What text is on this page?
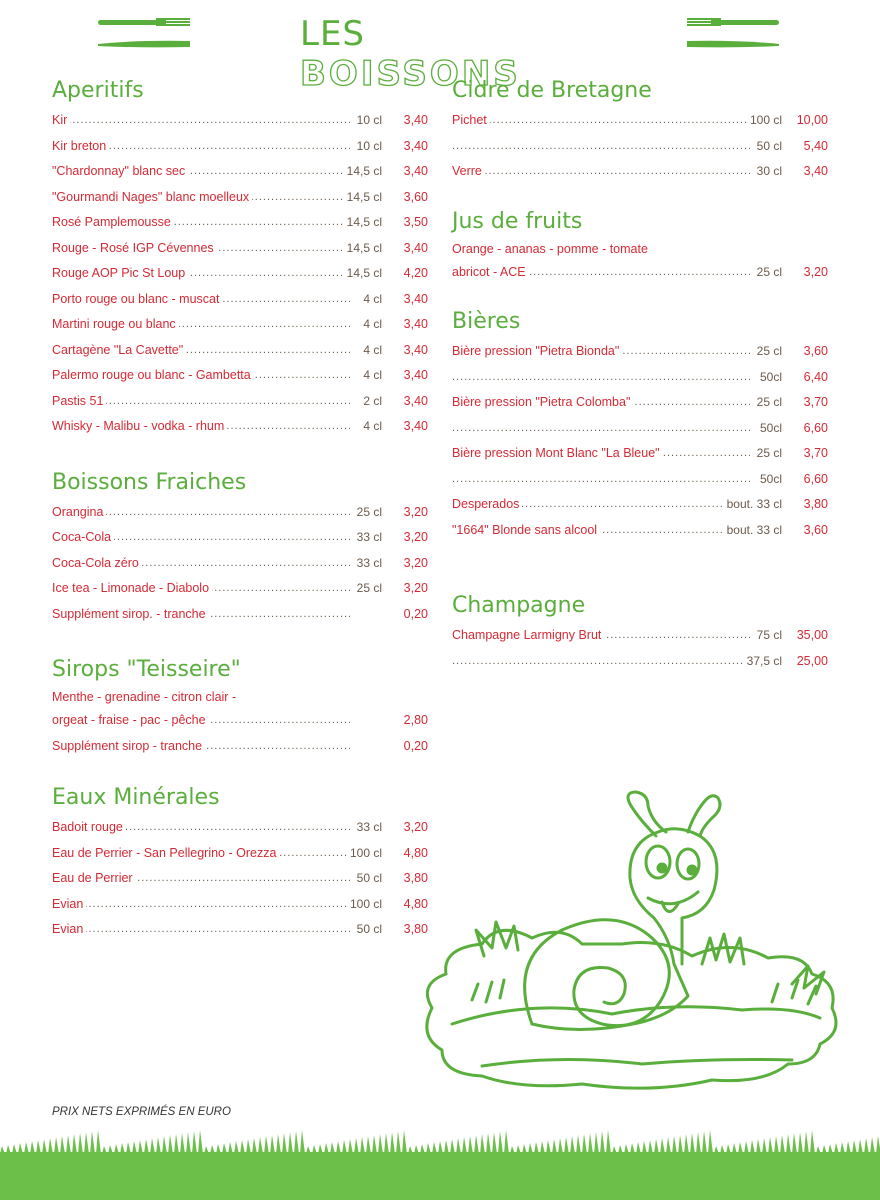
LES BOISSONS
Aperitifs
.....
Kir	10 cl	3,40
.....
Kir breton	10 cl	3,40
.....
"Chardonnay" blanc sec	14,5 cl	3,40
.....
"Gourmandi Nages" blanc moelleux	14,5 cl	3,60
.....
Rosé Pamplemousse	14,5 cl	3,50
.....
Rouge - Rosé IGP Cévennes	14,5 cl	3,40
.....
Rouge AOP Pic St Loup	14,5 cl	4,20
.....
Porto rouge ou blanc - muscat	4 cl	3,40
.....
Martini rouge ou blanc	4 cl	3,40
.....
Cartagène "La Cavette"	4 cl	3,40
.....
Palermo rouge ou blanc - Gambetta	4 cl	3,40
.....
Pastis 51	2 cl	3,40
.....
Whisky - Malibu - vodka - rhum	4 cl	3,40
Boissons Fraiches
.....
Orangina	25 cl	3,20
.....
Coca-Cola	33 cl	3,20
.....
Coca-Cola zéro	33 cl	3,20
.....
Ice tea - Limonade - Diabolo	25 cl	3,20
.....
Supplément sirop. - tranche	0,20
Sirops "Teisseire"
Menthe - grenadine - citron clair -
.....
orgeat - fraise - pac - pêche	2,80
.....
Supplément sirop - tranche	0,20
Eaux Minérales
.....
Badoit rouge	33 cl	3,20
.....
Eau de Perrier - San Pellegrino - Orezza	100 cl	4,80
.....
Eau de Perrier	50 cl	3,80
.....
Evian	100 cl	4,80
.....
Evian	50 cl	3,80
Cidre de Bretagne
.....
Pichet	100 cl	10,00
.....
50 cl	5,40
.....
Verre	30 cl	3,40
Jus de fruits
Orange - ananas - pomme - tomate
.....
abricot - ACE	25 cl	3,20
Bières
.....
Bière pression "Pietra Bionda"	25 cl	3,60
.....
50cl	6,40
.....
Bière pression "Pietra Colomba"	25 cl	3,70
.....
50cl	6,60
.....
Bière pression Mont Blanc "La Bleue"	25 cl	3,70
.....
50cl	6,60
.....
Desperados	bout. 33 cl	3,80
.....
"1664" Blonde sans alcool	bout. 33 cl	3,60
Champagne
.....
Champagne Larmigny Brut	75 cl	35,00
.....
37,5 cl	25,00
PRIX NETS EXPRIMÉS EN EURO
